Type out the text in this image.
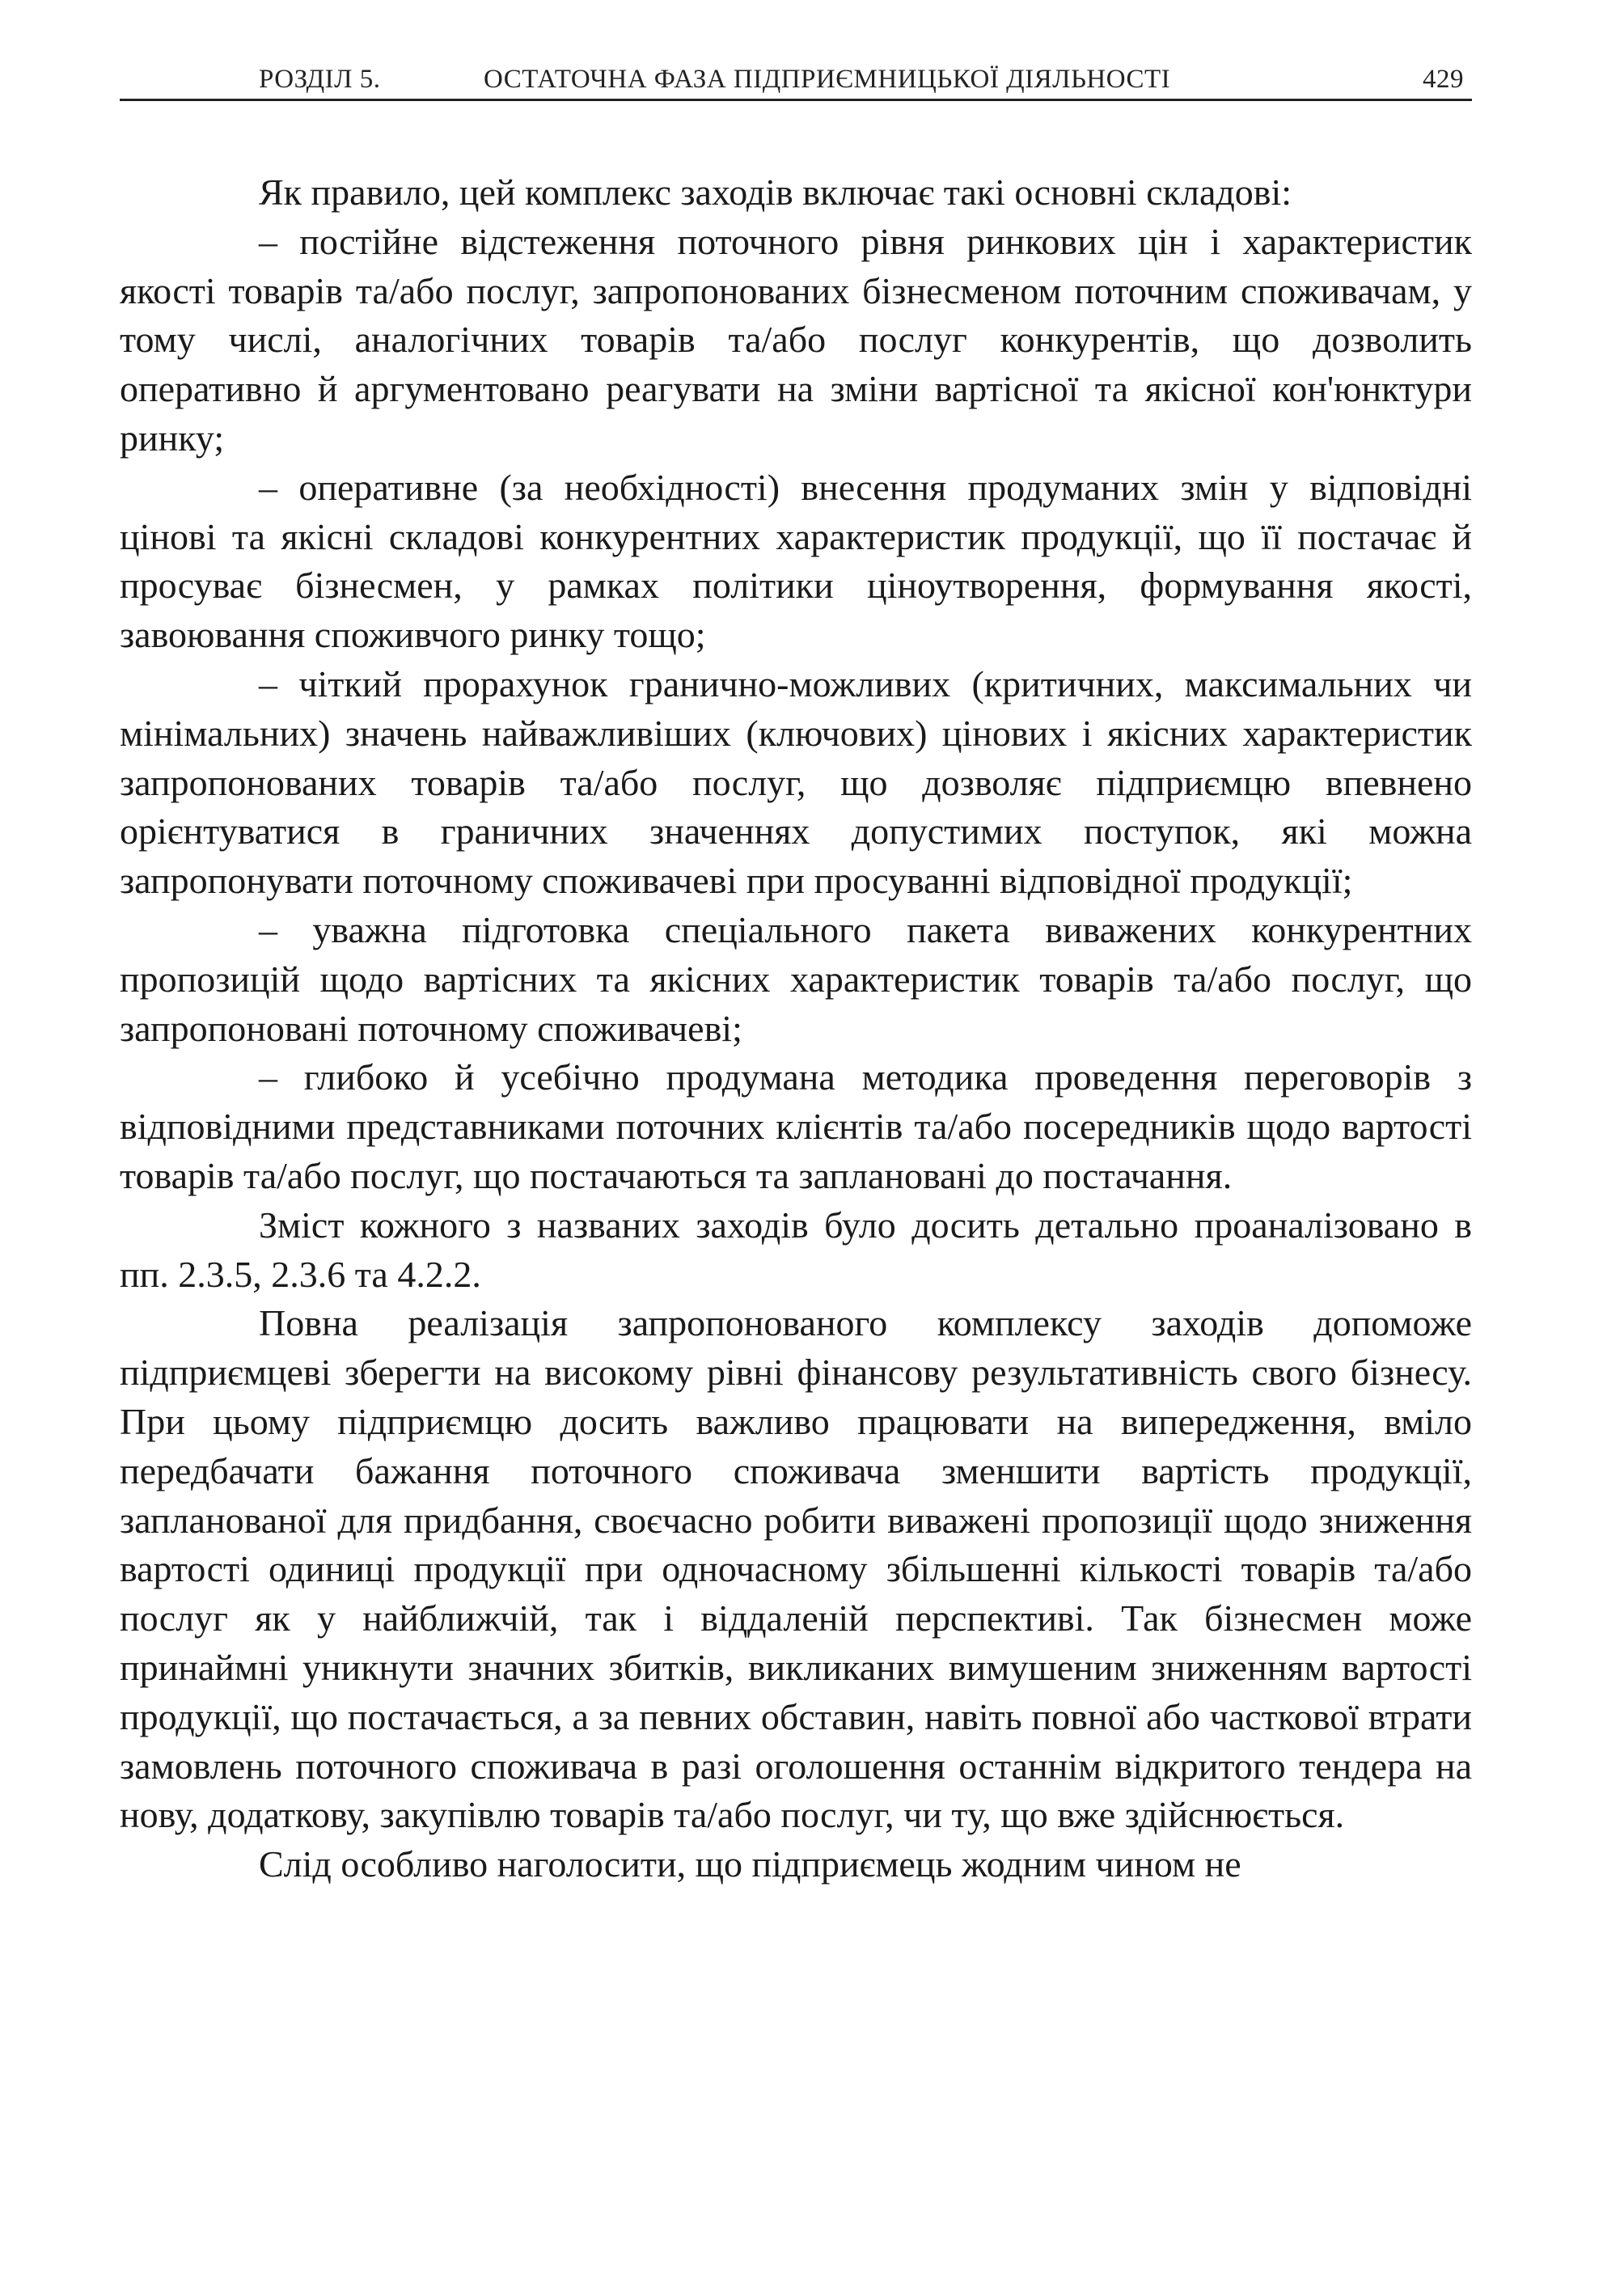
РОЗДІЛ 5.	ОСТАТОЧНА ФАЗА ПІДПРИЄМНИЦЬКОЇ ДІЯЛЬНОСТІ	429

Як правило, цей комплекс заходів включає такі основні складові:

– постійне відстеження поточного рівня ринкових цін і характеристик якості товарів та/або послуг, запропонованих бізнесменом поточним споживачам, у тому числі, аналогічних товарів та/або послуг конкурентів, що дозволить оперативно й аргументовано реагувати на зміни вартісної та якісної кон'юнктури ринку;

– оперативне (за необхідності) внесення продуманих змін у відповідні цінові та якісні складові конкурентних характеристик продукції, що її постачає й просуває бізнесмен, у рамках політики ціноутворення, формування якості, завоювання споживчого ринку тощо;

– чіткий прорахунок гранично-можливих (критичних, максимальних чи мінімальних) значень найважливіших (ключових) цінових і якісних характеристик запропонованих товарів та/або послуг, що дозволяє підприємцю впевнено орієнтуватися в граничних значеннях допустимих поступок, які можна запропонувати поточному споживачеві при просуванні відповідної продукції;

– уважна підготовка спеціального пакета виважених конкурентних пропозицій щодо вартісних та якісних характеристик товарів та/або послуг, що запропоновані поточному споживачеві;

– глибоко й усебічно продумана методика проведення переговорів з відповідними представниками поточних клієнтів та/або посередників щодо вартості товарів та/або послуг, що постачаються та заплановані до постачання.

Зміст кожного з названих заходів було досить детально проаналізовано в пп. 2.3.5, 2.3.6 та 4.2.2.

Повна реалізація запропонованого комплексу заходів допоможе підприємцеві зберегти на високому рівні фінансову результативність свого бізнесу. При цьому підприємцю досить важливо працювати на випередження, вміло передбачати бажання поточного споживача зменшити вартість продукції, запланованої для придбання, своєчасно робити виважені пропозиції щодо зниження вартості одиниці продукції при одночасному збільшенні кількості товарів та/або послуг як у найближчій, так і віддаленій перспективі. Так бізнесмен може принаймні уникнути значних збитків, викликаних вимушеним зниженням вартості продукції, що постачається, а за певних обставин, навіть повної або часткової втрати замовлень поточного споживача в разі оголошення останнім відкритого тендера на нову, додаткову, закупівлю товарів та/або послуг, чи ту, що вже здійснюється.

Слід особливо наголосити, що підприємець жодним чином не
